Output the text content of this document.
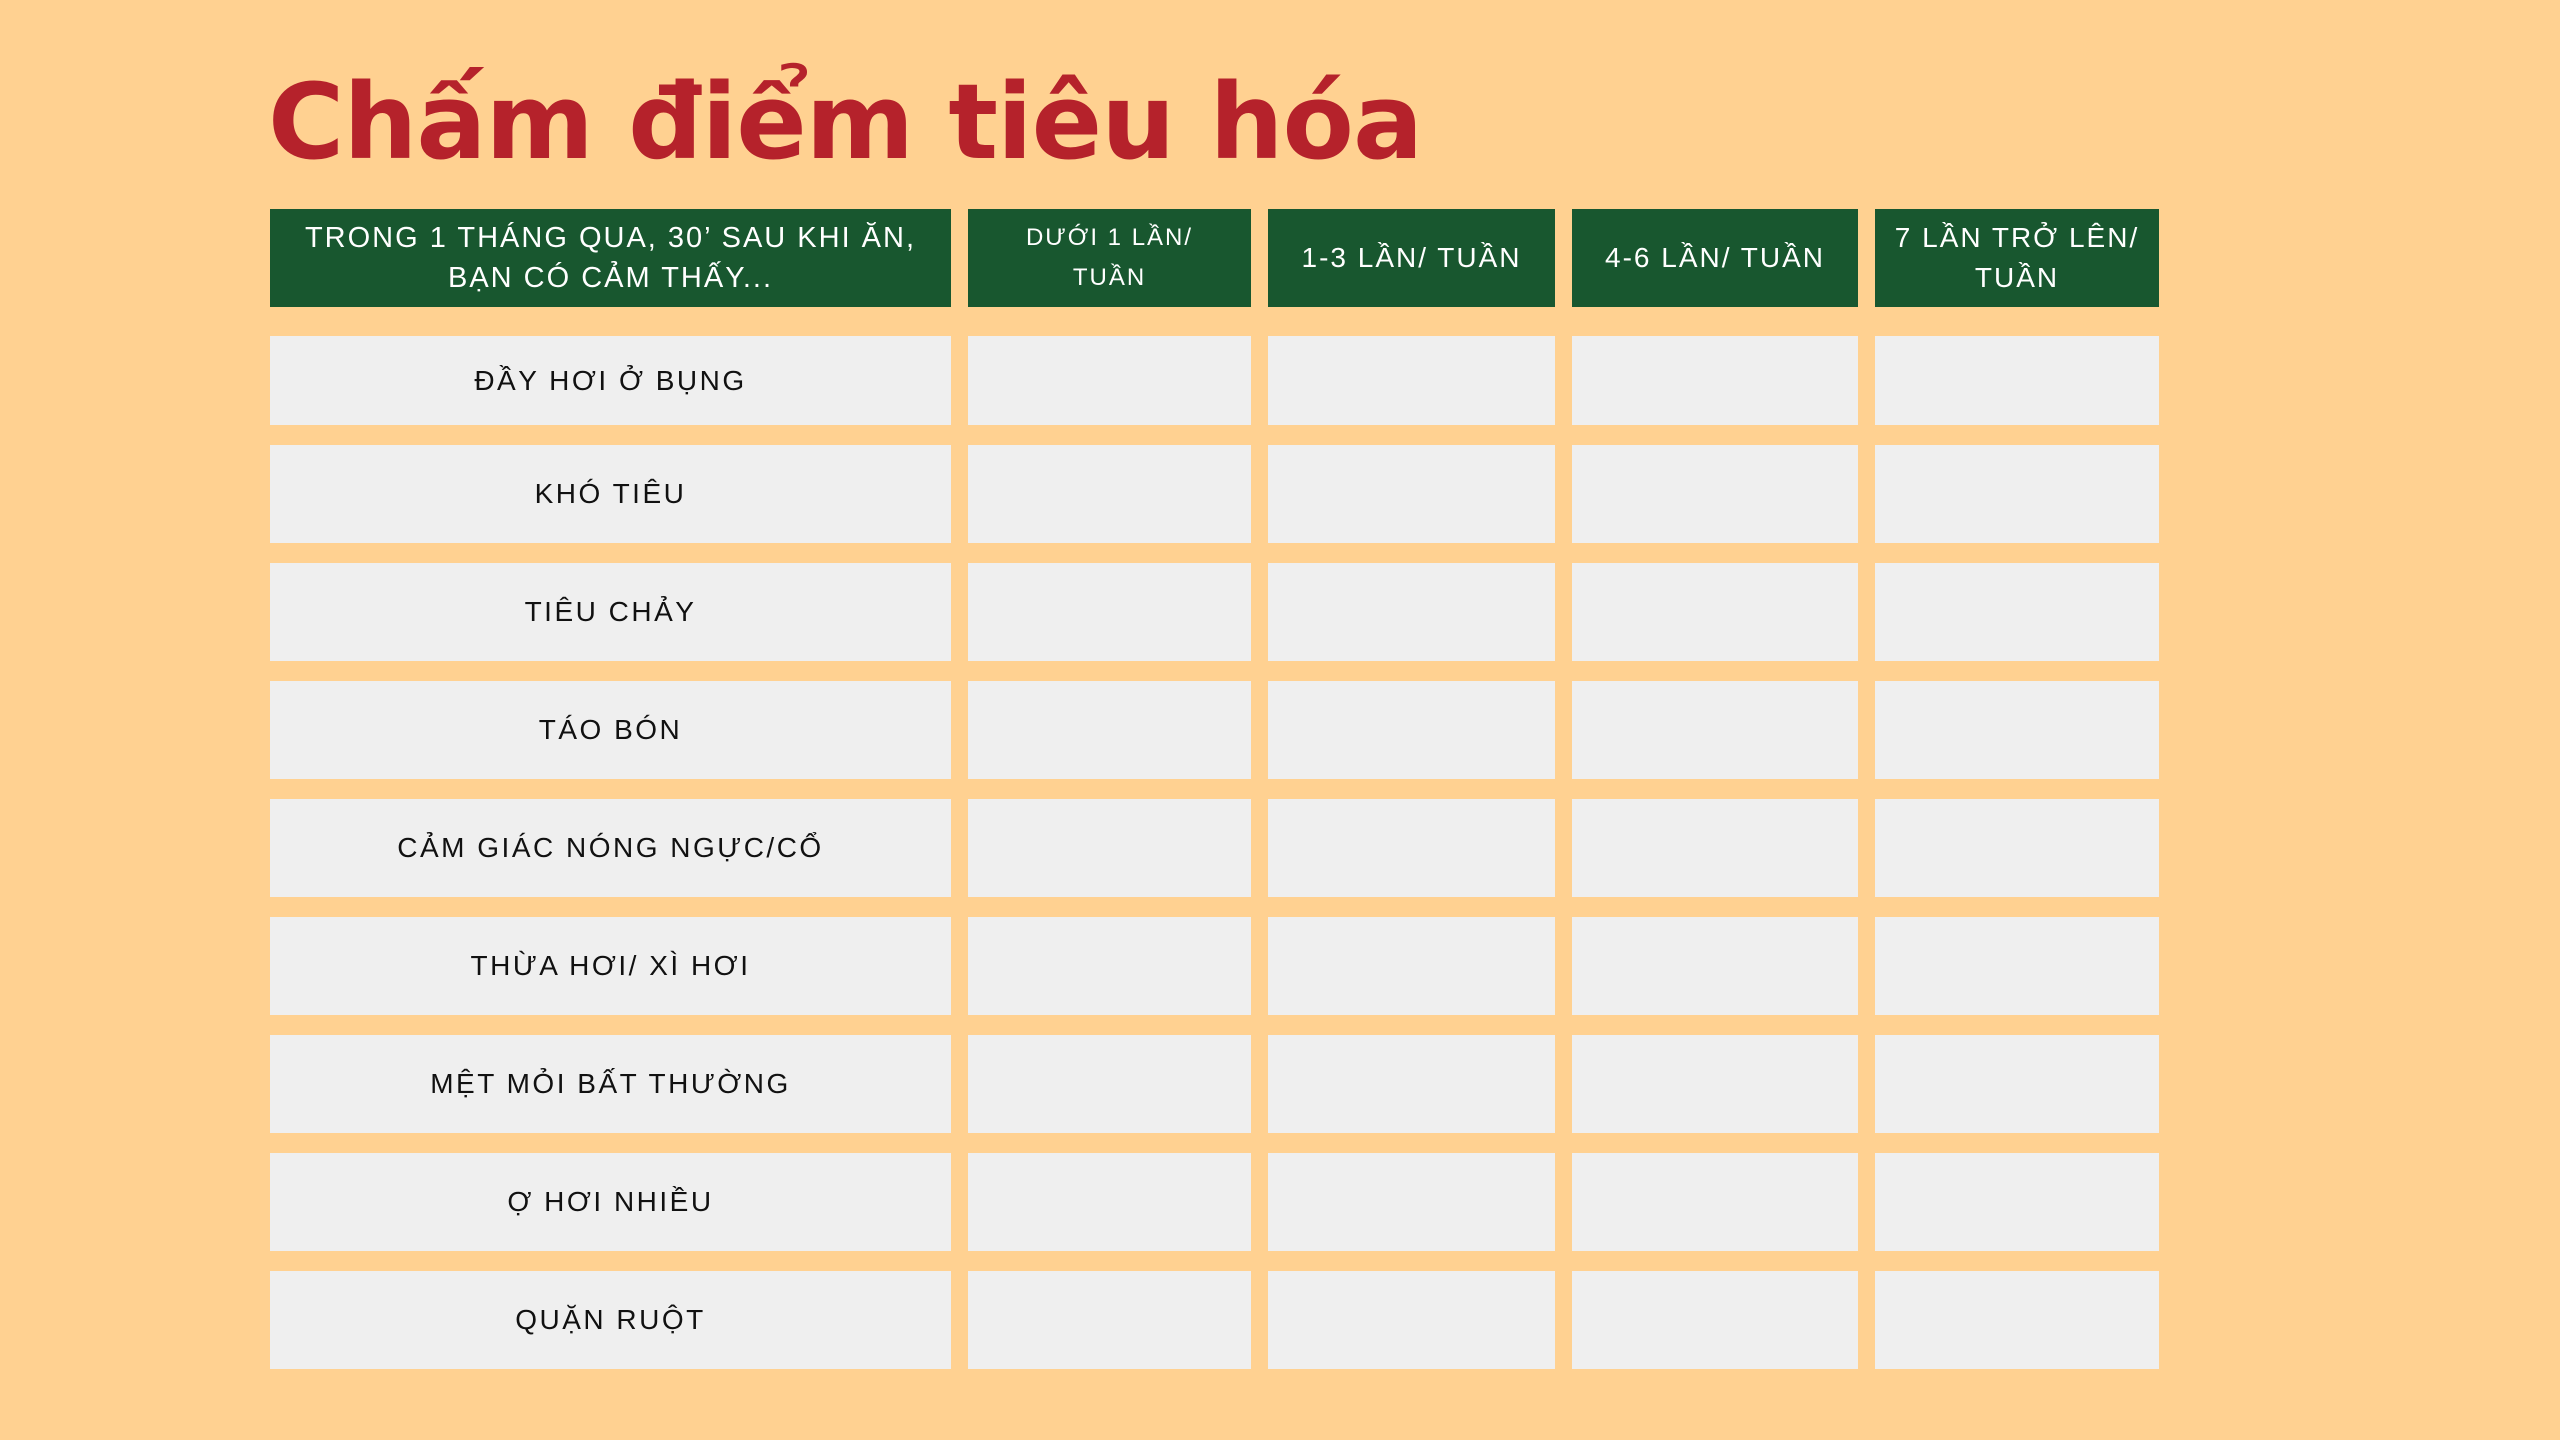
Chấm điểm tiêu hóa
TRONG 1 THÁNG QUA, 30’ SAU KHI ĂN, BẠN CÓ CẢM THẤY...
DƯỚI 1 LẦN/ TUẦN
1-3 LẦN/ TUẦN	4-6 LẦN/ TUẦN
7 LẦN TRỞ LÊN/ TUẦN
ĐẦY HƠI Ở BỤNG
KHÓ TIÊU
TIÊU CHẢY
TÁO BÓN
CẢM GIÁC NÓNG NGỰC/CỔ
THỪA HƠI/ XÌ HƠI
MỆT MỎI BẤT THƯỜNG
Ợ HƠI NHIỀU
QUẶN RUỘT
